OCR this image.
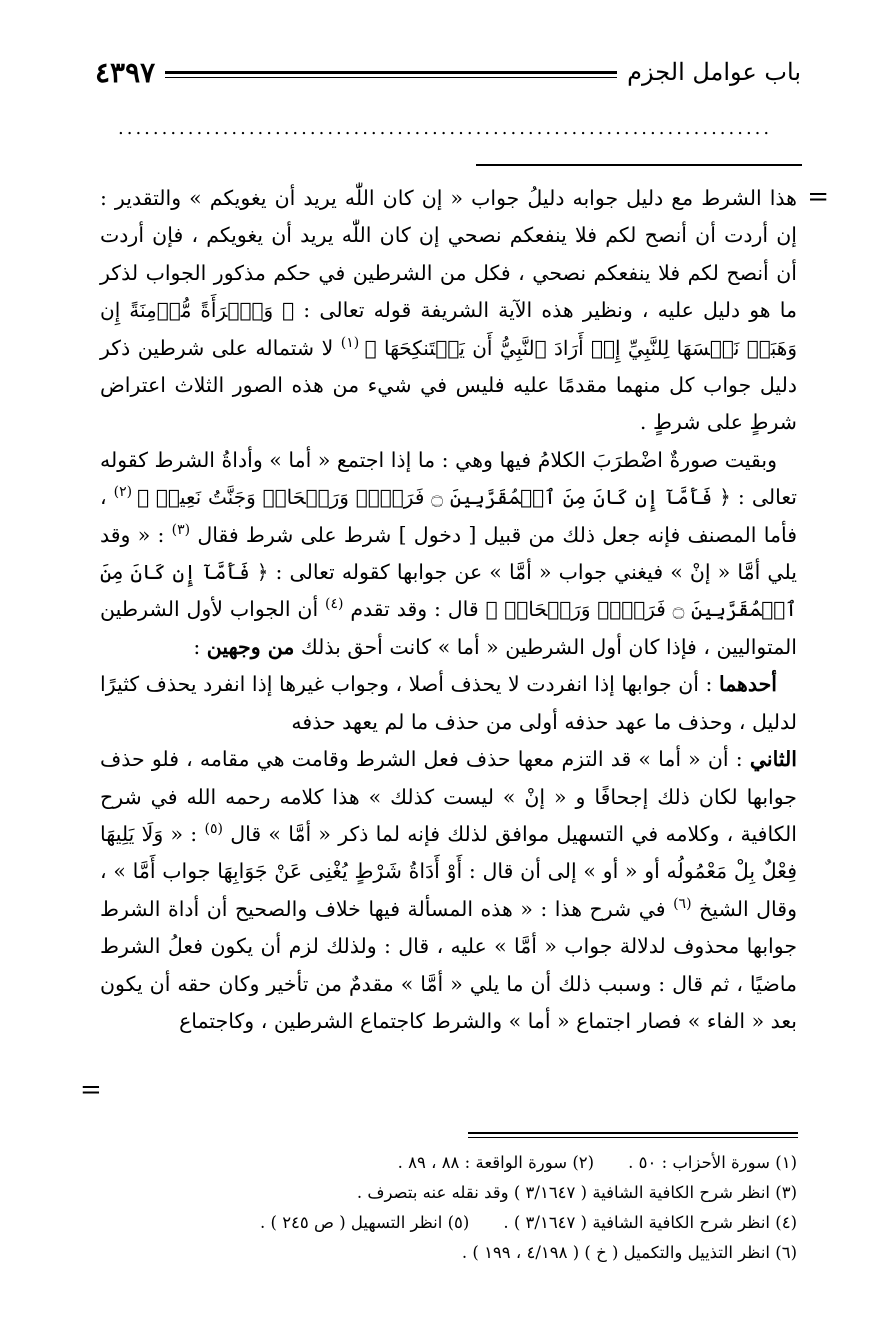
باب عوامل الجزم
٤٣٩٧
...........................................................................
=

هذا الشرط مع دليل جوابه دليلُ جواب « إن كان اللّٰه يريد أن يغويكم » والتقدير : إن أردت أن أنصح لكم فلا ينفعكم نصحي إن كان اللّٰه يريد أن يغويكم ، فإن أردت أن أنصح لكم فلا ينفعكم نصحي ، فكل من الشرطين في حكم مذكور الجواب لذكر ما هو دليل عليه ، ونظير هذه الآية الشريفة قوله تعالى : ﴿ وَٱمۡرَأَةً مُّؤۡمِنَةً إِن وَهَبَتۡ نَفۡسَهَا لِلنَّبِيِّ إِنۡ أَرَادَ ٱلنَّبِيُّ أَن يَسۡتَنكِحَهَا ﴾ $^{(١)}$ لا شتماله على شرطين ذكر دليل جواب كل منهما مقدمًا عليه فليس في شيء من هذه الصور الثلاث اعتراض شرطٍ على شرطٍ .

وبقيت صورةٌ اضْطرَبَ الكلامُ فيها وهي : ما إذا اجتمع « أما » وأداةُ الشرط كقوله تعالى : ﴿ فَأَمَّآ إِن كَانَ مِنَ ٱلۡمُقَرَّبِينَ ۝ فَرَوۡحٞ وَرَيۡحَانٞ وَجَنَّتُ نَعِيمٖ ﴾ $^{(٢)}$ ، فأما المصنف فإنه جعل ذلك من قبيل [ دخول ] شرط على شرط فقال $^{(٣)}$ : « وقد يلي أمَّا « إنْ » فيغني جواب « أمَّا » عن جوابها كقوله تعالى : ﴿ فَأَمَّآ إِن كَانَ مِنَ ٱلۡمُقَرَّبِينَ ۝ فَرَوۡحٞ وَرَيۡحَانٞ ﴾ قال : وقد تقدم $^{(٤)}$ أن الجواب لأول الشرطين المتواليين ، فإذا كان أول الشرطين « أما » كانت أحق بذلك من وجهين :

أحدهما : أن جوابها إذا انفردت لا يحذف أصلا ، وجواب غيرها إذا انفرد يحذف كثيرًا لدليل ، وحذف ما عهد حذفه أولى من حذف ما لم يعهد حذفه

الثاني : أن « أما » قد التزم معها حذف فعل الشرط وقامت هي مقامه ، فلو حذف جوابها لكان ذلك إجحافًا و « إنْ » ليست كذلك » هذا كلامه رحمه الله في شرح الكافية ، وكلامه في التسهيل موافق لذلك فإنه لما ذكر « أمَّا » قال $^{(٥)}$ : « وَلَا يَلِيهَا فِعْلٌ بِلْ مَعْمُولُه أو « أو » إلى أن قال : أَوْ أَدَاةُ شَرْطٍ يُغْنِى عَنْ جَوَابِهَا جواب أَمَّا » ، وقال الشيخ $^{(٦)}$ في شرح هذا : « هذه المسألة فيها خلاف والصحيح أن أداة الشرط جوابها محذوف لدلالة جواب « أمَّا » عليه ، قال : ولذلك لزم أن يكون فعلُ الشرط ماضيًا ، ثم قال : وسبب ذلك أن ما يلي « أمَّا » مقدمٌ من تأخير وكان حقه أن يكون بعد « الفاء » فصار اجتماع « أما » والشرط كاجتماع الشرطين ، وكاجتماع

=
(١) سورة الأحزاب : ٥٠ .(٢) سورة الواقعة : ٨٨ ، ٨٩ .
(٣) انظر شرح الكافية الشافية ( ٣/١٦٤٧ ) وقد نقله عنه بتصرف .
(٤) انظر شرح الكافية الشافية ( ٣/١٦٤٧ ) .(٥) انظر التسهيل ( ص ٢٤٥ ) .
(٦) انظر التذييل والتكميل ( خ ) ( ٤/١٩٨ ، ١٩٩ ) .
